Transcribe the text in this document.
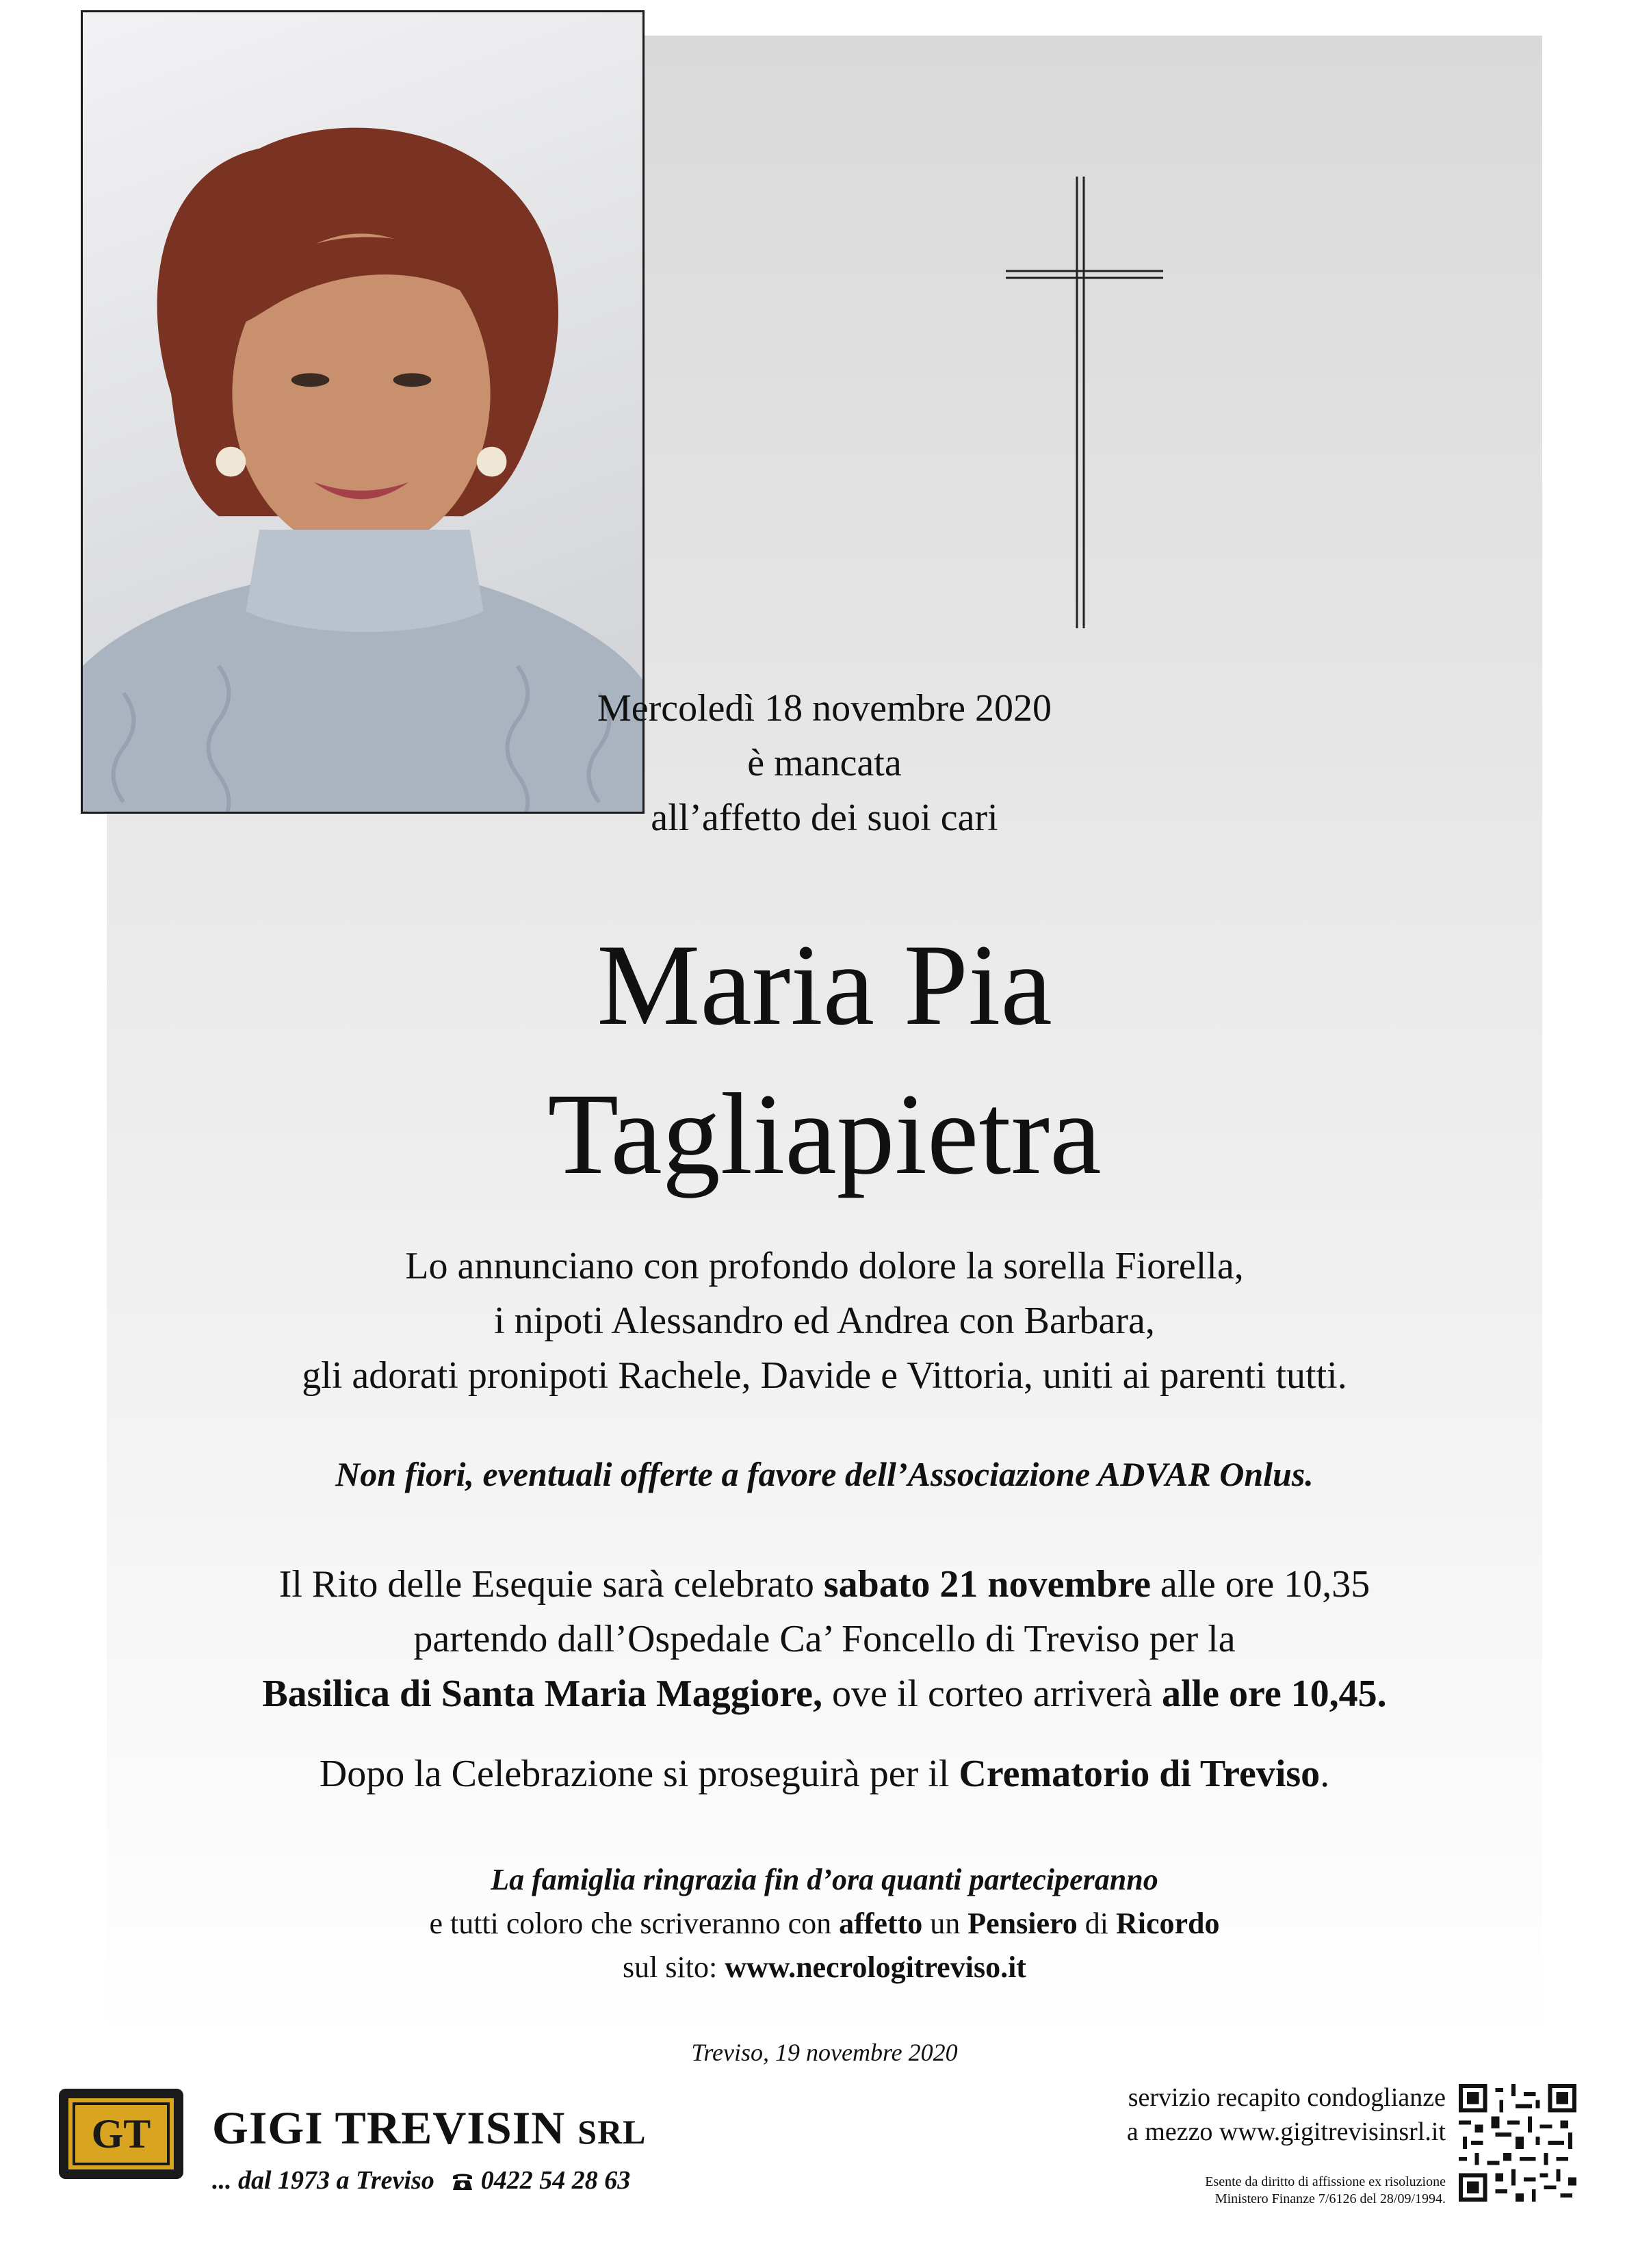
Mercoledì 18 novembre 2020
è mancata
all’affetto dei suoi cari
Maria Pia
Tagliapietra
Lo annunciano con profondo dolore la sorella Fiorella,
i nipoti Alessandro ed Andrea con Barbara,
gli adorati pronipoti Rachele, Davide e Vittoria, uniti ai parenti tutti.
Non fiori, eventuali offerte a favore dell’Associazione ADVAR Onlus.
Il Rito delle Esequie sarà celebrato sabato 21 novembre alle ore 10,35
partendo dall’Ospedale Ca’ Foncello di Treviso per la
Basilica di Santa Maria Maggiore, ove il corteo arriverà alle ore 10,45.
Dopo la Celebrazione si proseguirà per il Crematorio di Treviso.
La famiglia ringrazia fin d’ora quanti parteciperanno
e tutti coloro che scriveranno con affetto un Pensiero di Ricordo
sul sito: www.necrologitreviso.it
Treviso, 19 novembre 2020
GT GIGI TREVISIN SRL
... dal 1973 a Treviso 0422 54 28 63
servizio recapito condoglianze
a mezzo www.gigitrevisinsrl.it
Esente da diritto di affissione ex risoluzione
Ministero Finanze 7/6126 del 28/09/1994.
